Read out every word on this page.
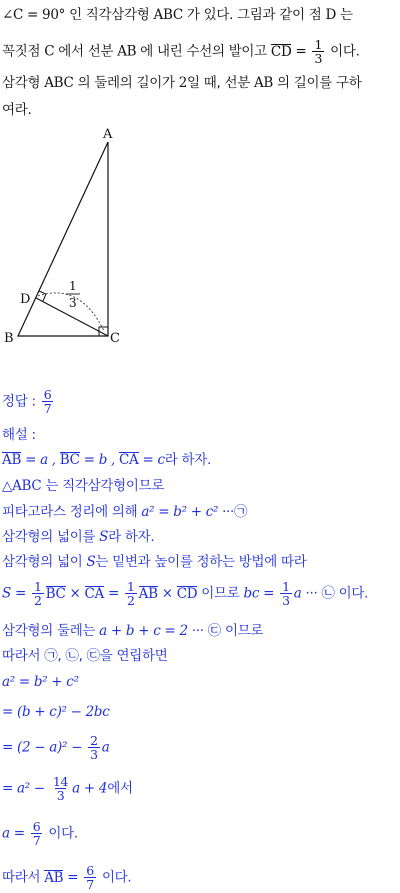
∠C = 90° 인 직각삼각형 ABC 가 있다. 그림과 같이 점 D 는
꼭짓점 C 에서 선분 AB 에 내린 수선의 발이고 CD = $\frac{1}{3}$ 이다.
삼각형 ABC 의 둘레의 길이가 2일 때, 선분 AB 의 길이를 구하
여라.
A
B	C
D
1
3
정답 : $\frac{6}{7}$
해설 :
AB = a , BC = b , CA = c라 하자.
△ABC 는 직각삼각형이므로
피타고라스 정리에 의해 a² = b² + c² ···㉠
삼각형의 넓이를 S라 하자.
삼각형의 넓이 S는 밑변과 높이를 정하는 방법에 따라
$S = \frac{1}{2}$ BC × CA = $\frac{1}{2}$ AB × CD 이므로 bc = $\frac{1}{3}$ a ··· ㉡ 이다.
삼각형의 둘레는 a + b + c = 2 ··· ㉢ 이므로
따라서 ㉠, ㉡, ㉢을 연립하면
a² = b² + c²
= (b + c)² − 2bc
= $(2 - a)^2 - \frac{2}{3}$ a
= $a^2 - \frac{14}{3}$ a + 4에서
$a = \frac{6}{7}$ 이다.
따라서 AB = $\frac{6}{7}$ 이다.
